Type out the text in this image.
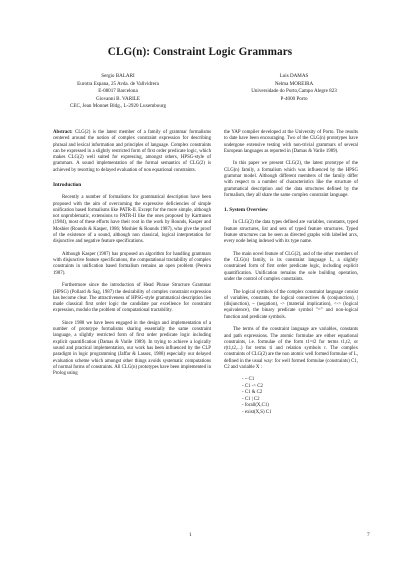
CLG(n): Constraint Logic Grammars
Sergio BALARI
Eurotra Espana, 25 Avda. de Vallvidrera
E-08017 Barcelona
Giovanni B. VARILE
CEC, Jean Monnet Bldg., L-2920 Luxembourg
Luis DAMAS
Nelma MOREIRA
Universidade do Porto,Campo Alegre 823
P-4000 Porto

Abstract: CLG(2) is the latest member of a family of grammar formalisms centered around the notion of complex constraint expression for describing phrasal and lexical information and principles of language. Complex constraints can be expressed in a slightly restricted form of first order predicate logic, which makes CLG(2) well suited for expressing, amongst others, HPSG-style of grammars. A sound implementation of the formal semantics of CLG(2) is achieved by resorting to delayed evaluation of non equational constraints.

Introduction

Recently a number of formalisms for grammatical description have been proposed with the aim of overcoming the expressive deficiencies of simple unification based formalisms like PATR-II. Except for the more simple, although not unproblematic, extensions to PATR-II like the ones proposed by Karttunen (1984), most of these efforts have their root in the work by Rounds, Kasper and Moshier (Rounds & Kasper, 1986; Moshier & Rounds 1987), who give the proof of the existence of a sound, although non classical, logical interpretation for disjunctive and negative feature specifications.

Although Kasper (1987) has proposed an algorithm for handling grammars with disjunctive feature specifications, the computational tractability of complex constraints in unification based formalism remains an open problem (Pereira 1987).

Furthermore since the introduction of Head Phrase Structure Grammar (HPSG) (Pollard & Sag, 1987) the desirability of complex constraint expression has become clear. The attractiveness of HPSG-style grammatical description lies made classical first order logic the candidate par excellence for constraint expression, modulo the problem of computational tractability.

Since 1988 we have been engaged in the design and implementation of a number of prototype formalisms sharing essentially the same constraint language, a slightly restricted form of first order predicate logic including explicit quantification (Damas & Varile 1989). In trying to achieve a logically sound and practical implementation, our work has been influenced by the CLP paradigm in logic programming (Jaffar & Lassez, 1988) especially our delayed evaluation scheme which amongst other things avoids systematic computations of normal forms of constraints. All CLG(n) prototypes have been implemented in Prolog using

the YAP compiler developed at the University of Porto. The results to date have been encouraging. Two of the CLG(n) prototypes have undergone extensive testing with non-trivial grammars of several European languages as reported in (Damas & Varile 1989).

In this paper we present CLG(2), the latest prototype of the CLG(n) family, a formalism which was influenced by the HPSG grammar model. Although different members of the family differ with respect to a number of characteristics like the structure of grammatical description and the data structures defined by the formalism, they all share the same complex constraint language.

1. System Overview

In CLG(2) the data types defined are variables, constants, typed feature structures, list and sets of typed feature structures. Typed feature structures can be seen as directed graphs with labelled arcs, every node being indexed with its type name.

The main novel feature of CLG(2), and of the other members of the CLG(n) family, is its constraint language L, a slightly constrained form of first order predicate logic, including explicit quantification. Unification remains the sole building operation, under the control of complex constraints.

The logical symbols of the complex constraint language consist of variables, constants, the logical connectives & (conjunction), | (disjunction), ~ (negation), -> (material implication), <-> (logical equivalence), the binary predicate symbol "=" and non-logical function and predicate symbols.

The terms of the constraint language are variables, constants and path expressions. The atomic formulae are either equational constraints, i.e. formulae of the form t1=t2 for terms t1,t2, or r(t1,t2,...) for terms ti and relation symbols r. The complex constraints of CLG(2) are the non atomic well formed formulae of L, defined in the usual way: for well formed formulae (constraints) C1, C2 and variable X :

- ~ C1
- C1 -> C2
- C1 & C2
- C1 | C2
- forall(X,C1)
- exist(X,S) C1
1	7
